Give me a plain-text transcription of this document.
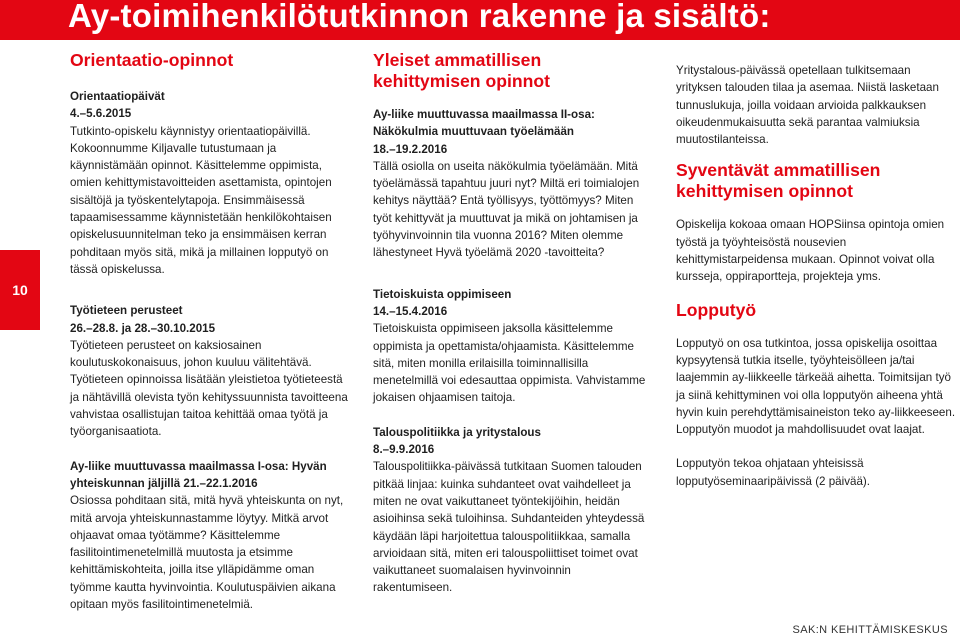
Ay-toimihenkilötutkinnon rakenne ja sisältö:
10
Orientaatio-opinnot

Orientaatiopäivät

4.–5.6.2015

Tutkinto-opiskelu käynnistyy orientaatiopäivillä. Kokoonnumme Kiljavalle tutustumaan ja käynnistämään opinnot. Käsittelemme oppimista, omien kehittymistavoitteiden asettamista, opintojen sisältöjä ja työskentelytapoja. Ensimmäisessä tapaamisessamme käynnistetään henkilökohtaisen opiskelusuunnitelman teko ja ensimmäisen kerran pohditaan myös sitä, mikä ja millainen lopputyö on tässä opiskelussa.

Työtieteen perusteet

26.–28.8. ja 28.–30.10.2015

Työtieteen perusteet on kaksiosainen koulutuskokonaisuus, johon kuuluu välitehtävä. Työtieteen opinnoissa lisätään yleistietoa työtieteestä ja nähtävillä olevista työn kehityssuunnista tavoitteena vahvistaa osallistujan taitoa kehittää omaa työtä ja työorganisaatiota.

Ay-liike muuttuvassa maailmassa I-osa: Hyvän yhteiskunnan jäljillä 21.–22.1.2016

Osiossa pohditaan sitä, mitä hyvä yhteiskunta on nyt, mitä arvoja yhteiskunnastamme löytyy. Mitkä arvot ohjaavat omaa työtämme? Käsittelemme fasilitointimenetelmillä muutosta ja etsimme kehittämiskohteita, joilla itse ylläpidämme oman työmme kautta hyvinvointia. Koulutuspäivien aikana opitaan myös fasilitointimenetelmiä.

Yleiset ammatillisen kehittymisen opinnot

Ay-liike muuttuvassa maailmassa II-osa: Näkökulmia muuttuvaan työelämään

18.–19.2.2016

Tällä osiolla on useita näkökulmia työelämään. Mitä työelämässä tapahtuu juuri nyt? Miltä eri toimialojen kehitys näyttää? Entä työllisyys, työttömyys? Miten työt kehittyvät ja muuttuvat ja mikä on johtamisen ja työhyvinvoinnin tila vuonna 2016? Miten olemme lähestyneet Hyvä työelämä 2020 -tavoitteita?

Tietoiskuista oppimiseen

14.–15.4.2016

Tietoiskuista oppimiseen jaksolla käsittelemme oppimista ja opettamista/ohjaamista. Käsittelemme sitä, miten monilla erilaisilla toiminnallisilla menetelmillä voi edesauttaa oppimista. Vahvistamme jokaisen ohjaamisen taitoja.

Talouspolitiikka ja yritystalous

8.–9.9.2016

Talouspolitiikka-päivässä tutkitaan Suomen talouden pitkää linjaa: kuinka suhdanteet ovat vaihdelleet ja miten ne ovat vaikuttaneet työntekijöihin, heidän asioihinsa sekä tuloihinsa. Suhdanteiden yhteydessä käydään läpi harjoitettua talouspolitiikkaa, samalla arvioidaan sitä, miten eri talouspoliittiset toimet ovat vaikuttaneet suomalaisen hyvinvoinnin rakentumiseen.

Yritystalous-päivässä opetellaan tulkitsemaan yrityksen talouden tilaa ja asemaa. Niistä lasketaan tunnuslukuja, joilla voidaan arvioida palkkauksen oikeudenmukaisuutta sekä parantaa valmiuksia muutostilanteissa.

Syventävät ammatillisen kehittymisen opinnot

Opiskelija kokoaa omaan HOPSiinsa opintoja omien työstä ja työyhteisöstä nousevien kehittymistarpeidensa mukaan. Opinnot voivat olla kursseja, oppiraportteja, projekteja yms.

Lopputyö

Lopputyö on osa tutkintoa, jossa opiskelija osoittaa kypsyytensä tutkia itselle, työyhteisölleen ja/tai laajemmin ay-liikkeelle tärkeää aihetta. Toimitsijan työ ja siinä kehittyminen voi olla lopputyön aiheena yhtä hyvin kuin perehdyttämisaineiston teko ay-liikkeeseen. Lopputyön muodot ja mahdollisuudet ovat laajat.

Lopputyön tekoa ohjataan yhteisissä lopputyöseminaaripäivissä (2 päivää).

SAK:N KEHITTÄMISKESKUS
